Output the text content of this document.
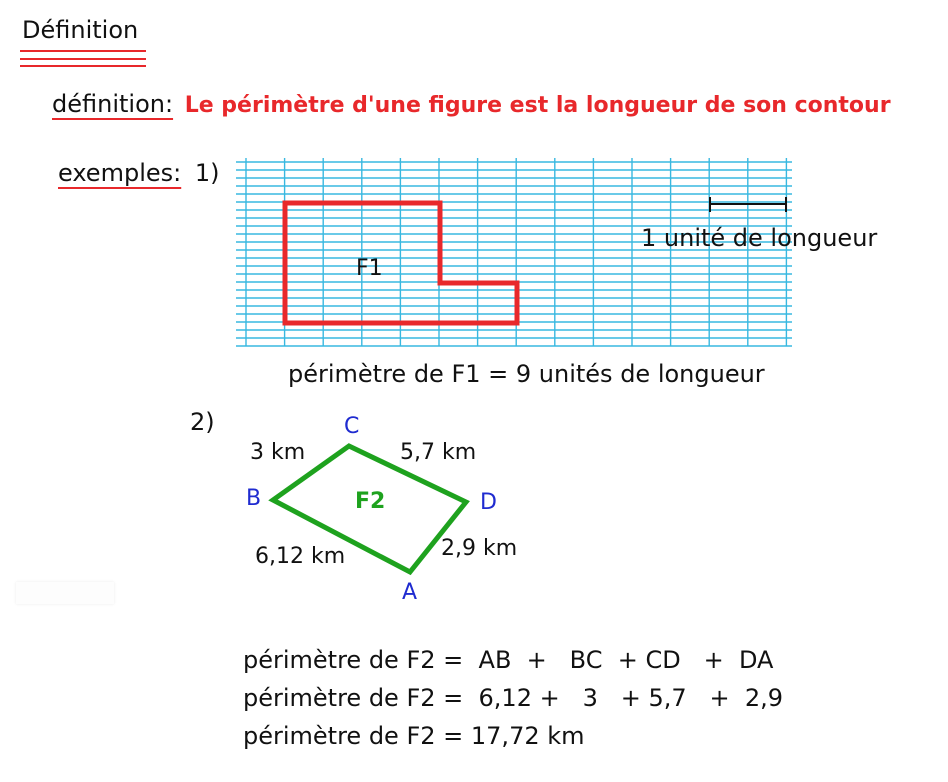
Définition
définition: Le périmètre d'une figure est la longueur de son contour
exemples: 1)
F1
1 unité de longueur
périmètre de F1 = 9 unités de longueur
2)	C
B	D
A
F2
3 km	5,7 km
6,12 km	2,9 km
périmètre de F2 =  AB  +   BC  + CD   +  DA
périmètre de F2 =  6,12 +   3   + 5,7   +  2,9
périmètre de F2 = 17,72 km
